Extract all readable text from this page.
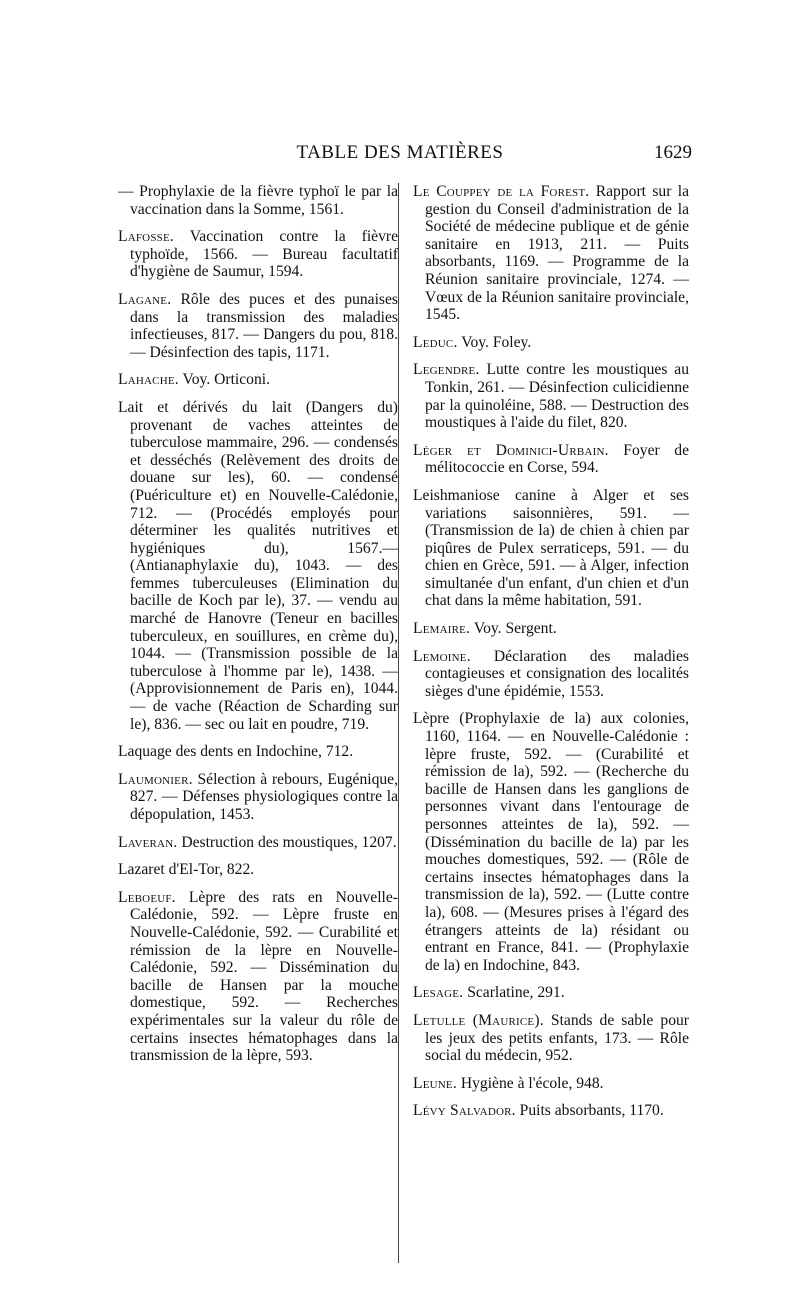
TABLE DES MATIÈRES	1629

— Prophylaxie de la fièvre typhoï le par la vaccination dans la Somme, 1561.

Lafosse. Vaccination contre la fièvre typhoïde, 1566. — Bureau facultatif d'hygiène de Saumur, 1594.

Lagane. Rôle des puces et des punaises dans la transmission des maladies infectieuses, 817. — Dangers du pou, 818. — Désinfection des tapis, 1171.

Lahache. Voy. Orticoni.

Lait et dérivés du lait (Dangers du) provenant de vaches atteintes de tuberculose mammaire, 296. — condensés et desséchés (Relèvement des droits de douane sur les), 60. — condensé (Puériculture et) en Nouvelle-Calédonie, 712. — (Procédés employés pour déterminer les qualités nutritives et hygiéniques du), 1567.— (Antianaphylaxie du), 1043. — des femmes tuberculeuses (Elimination du bacille de Koch par le), 37. — vendu au marché de Hanovre (Teneur en bacilles tuberculeux, en souillures, en crème du), 1044. — (Transmission possible de la tuberculose à l'homme par le), 1438. — (Approvisionnement de Paris en), 1044. — de vache (Réaction de Scharding sur le), 836. — sec ou lait en poudre, 719.

Laquage des dents en Indochine, 712.

Laumonier. Sélection à rebours, Eugénique, 827. — Défenses physiologiques contre la dépopulation, 1453.

Laveran. Destruction des moustiques, 1207.

Lazaret d'El-Tor, 822.

Leboeuf. Lèpre des rats en Nouvelle-Calédonie, 592. — Lèpre fruste en Nouvelle-Calédonie, 592. — Curabilité et rémission de la lèpre en Nouvelle-Calédonie, 592. — Dissémination du bacille de Hansen par la mouche domestique, 592. — Recherches expérimentales sur la valeur du rôle de certains insectes hématophages dans la transmission de la lèpre, 593.

Le Couppey de la Forest. Rapport sur la gestion du Conseil d'administration de la Société de médecine publique et de génie sanitaire en 1913, 211. — Puits absorbants, 1169. — Programme de la Réunion sanitaire provinciale, 1274. — Vœux de la Réunion sanitaire provinciale, 1545.

Leduc. Voy. Foley.

Legendre. Lutte contre les moustiques au Tonkin, 261. — Désinfection culicidienne par la quinoléine, 588. — Destruction des moustiques à l'aide du filet, 820.

Léger et Dominici-Urbain. Foyer de mélitococcie en Corse, 594.

Leishmaniose canine à Alger et ses variations saisonnières, 591. — (Transmission de la) de chien à chien par piqûres de Pulex serraticeps, 591. — du chien en Grèce, 591. — à Alger, infection simultanée d'un enfant, d'un chien et d'un chat dans la même habitation, 591.

Lemaire. Voy. Sergent.

Lemoine. Déclaration des maladies contagieuses et consignation des localités sièges d'une épidémie, 1553.

Lèpre (Prophylaxie de la) aux colonies, 1160, 1164. — en Nouvelle-Calédonie : lèpre fruste, 592. — (Curabilité et rémission de la), 592. — (Recherche du bacille de Hansen dans les ganglions de personnes vivant dans l'entourage de personnes atteintes de la), 592. — (Dissémination du bacille de la) par les mouches domestiques, 592. — (Rôle de certains insectes hématophages dans la transmission de la), 592. — (Lutte contre la), 608. — (Mesures prises à l'égard des étrangers atteints de la) résidant ou entrant en France, 841. — (Prophylaxie de la) en Indochine, 843.

Lesage. Scarlatine, 291.

Letulle (Maurice). Stands de sable pour les jeux des petits enfants, 173. — Rôle social du médecin, 952.

Leune. Hygiène à l'école, 948.

Lévy Salvador. Puits absorbants, 1170.
